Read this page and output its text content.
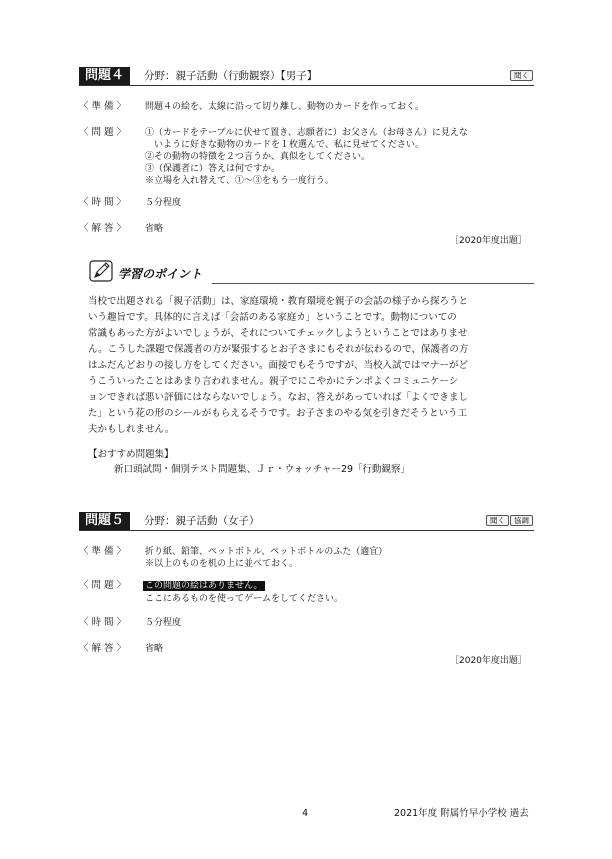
問題４	分野：親子活動（行動観察）【男子】	聞く
〈 準 備 〉 問題４の絵を、太線に沿って切り離し、動物のカードを作っておく。
〈 問 題 〉 ①（カードをテーブルに伏せて置き、志願者に）お父さん（お母さん）に見えな
　いように好きな動物のカードを１枚選んで、私に見せてください。
②その動物の特徴を２つ言うか、真似をしてください。
③（保護者に）答えは何ですか。
※立場を入れ替えて、①～③をもう一度行う。
〈 時 間 〉 ５分程度
〈 解 答 〉 省略
［2020年度出題］
学習のポイント
当校で出題される「親子活動」は、家庭環境・教育環境を親子の会話の様子から探ろうと
いう趣旨です。具体的に言えば「会話のある家庭カ」ということです。動物についての
常識もあった方がよいでしょうが、それについてチェックしようということではありませ
ん。こうした課題で保護者の方が緊張するとお子さまにもそれが伝わるので、保護者の方
はふだんどおりの接し方をしてください。面接でもそうですが、当校入試ではマナーがど
うこういったことはあまり言われません。親子でにこやかにテンポよくコミュニケーシ
ョンできれば悪い評価にはならないでしょう。なお、答えがあっていれば「よくできまし
た」という花の形のシールがもらえるそうです。お子さまのやる気を引きだそうという工
夫かもしれません。
【おすすめ問題集】
新口頭試問・個別テスト問題集、Ｊｒ・ウォッチャー29「行動観察」
問題５	分野：親子活動（女子）	聞く	協調
〈 準 備 〉 折り紙、鉛筆、ペットボトル、ペットボトルのふた（適宜）
※以上のものを机の上に並べておく。
〈 問 題 〉 この問題の絵はありません。
ここにあるものを使ってゲームをしてください。
〈 時 間 〉 ５分程度
〈 解 答 〉 省略
［2020年度出題］
4	2021年度 附属竹早小学校 過去
